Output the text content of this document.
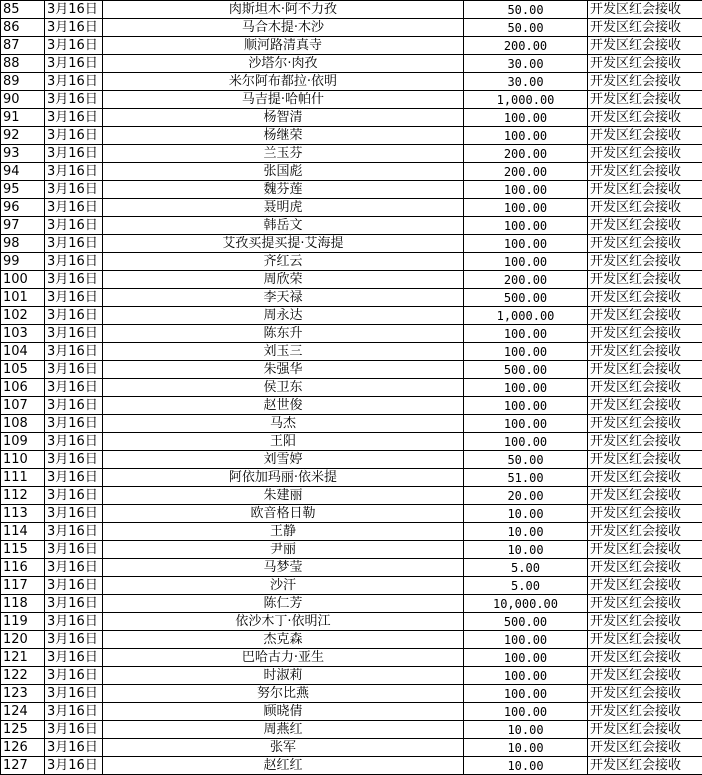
85	3月16日	肉斯坦木·阿不力孜	50.00	开发区红会接收
86	3月16日	马合木提·木沙	50.00	开发区红会接收
87	3月16日	顺河路清真寺	200.00	开发区红会接收
88	3月16日	沙塔尔·肉孜	30.00	开发区红会接收
89	3月16日	米尔阿布都拉·依明	30.00	开发区红会接收
90	3月16日	马吉提·哈帕什	1,000.00	开发区红会接收
91	3月16日	杨智清	100.00	开发区红会接收
92	3月16日	杨继荣	100.00	开发区红会接收
93	3月16日	兰玉芬	200.00	开发区红会接收
94	3月16日	张国彪	200.00	开发区红会接收
95	3月16日	魏芬莲	100.00	开发区红会接收
96	3月16日	聂明虎	100.00	开发区红会接收
97	3月16日	韩岳文	100.00	开发区红会接收
98	3月16日	艾孜买提买提·艾海提	100.00	开发区红会接收
99	3月16日	齐红云	100.00	开发区红会接收
100	3月16日	周欣荣	200.00	开发区红会接收
101	3月16日	李天禄	500.00	开发区红会接收
102	3月16日	周永达	1,000.00	开发区红会接收
103	3月16日	陈东升	100.00	开发区红会接收
104	3月16日	刘玉三	100.00	开发区红会接收
105	3月16日	朱强华	500.00	开发区红会接收
106	3月16日	侯卫东	100.00	开发区红会接收
107	3月16日	赵世俊	100.00	开发区红会接收
108	3月16日	马杰	100.00	开发区红会接收
109	3月16日	王阳	100.00	开发区红会接收
110	3月16日	刘雪婷	50.00	开发区红会接收
111	3月16日	阿依加玛丽·依米提	51.00	开发区红会接收
112	3月16日	朱建丽	20.00	开发区红会接收
113	3月16日	欧音格日勒	10.00	开发区红会接收
114	3月16日	王静	10.00	开发区红会接收
115	3月16日	尹丽	10.00	开发区红会接收
116	3月16日	马梦莹	5.00	开发区红会接收
117	3月16日	沙汗	5.00	开发区红会接收
118	3月16日	陈仁芳	10,000.00	开发区红会接收
119	3月16日	依沙木丁·依明江	500.00	开发区红会接收
120	3月16日	杰克森	100.00	开发区红会接收
121	3月16日	巴哈古力·亚生	100.00	开发区红会接收
122	3月16日	时淑莉	100.00	开发区红会接收
123	3月16日	努尔比燕	100.00	开发区红会接收
124	3月16日	顾晓倩	100.00	开发区红会接收
125	3月16日	周燕红	10.00	开发区红会接收
126	3月16日	张军	10.00	开发区红会接收
127	3月16日	赵红红	10.00	开发区红会接收
